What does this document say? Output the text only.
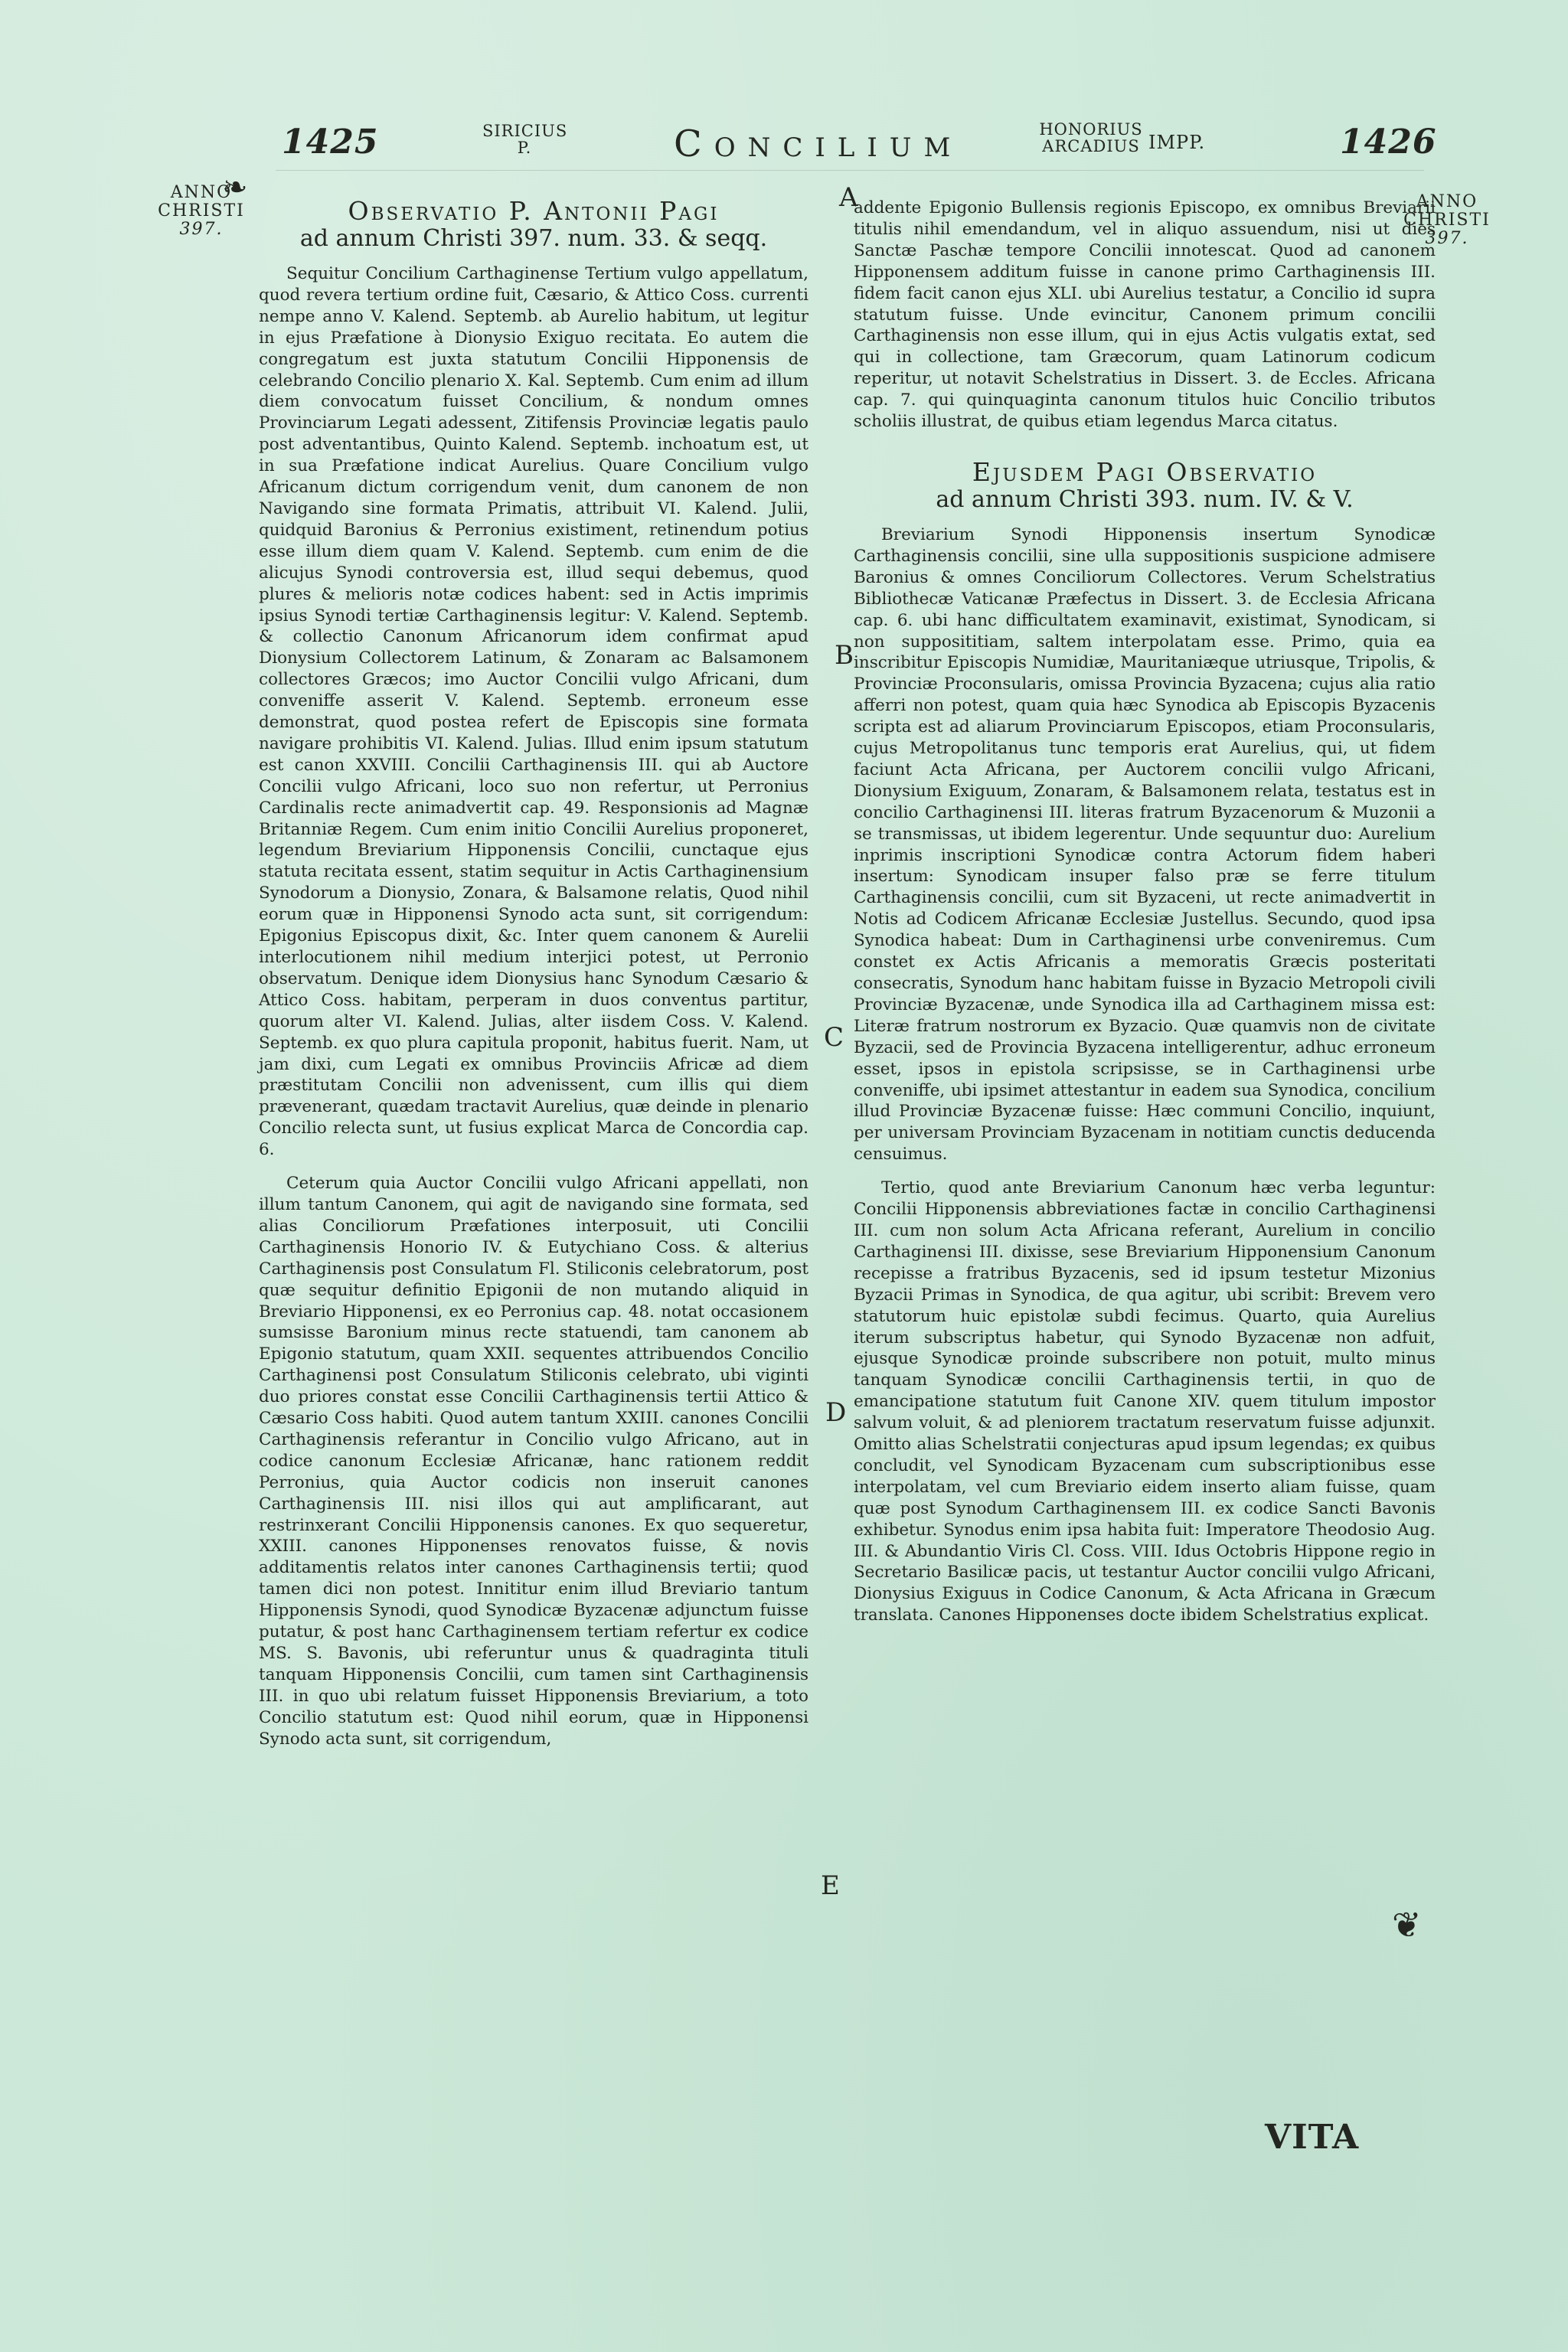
1425	SIRICIUS
P.	Concilium	HONORIUS
ARCADIUS IMPP.	1426
ANNO
CHRISTI
397.
ANNO
CHRISTI
397.
A
B
C
D
E
❧

Observatio P. Antonii Pagi

ad annum Christi 397. num. 33. & seqq.

Sequitur Concilium Carthaginense Tertium vulgo appellatum, quod revera tertium ordine fuit, Cæsario, & Attico Coss. currenti nempe anno V. Kalend. Septemb. ab Aurelio habitum, ut legitur in ejus Præfatione à Dionysio Exiguo recitata. Eo autem die congregatum est juxta statutum Concilii Hipponensis de celebrando Concilio plenario X. Kal. Septemb. Cum enim ad illum diem convocatum fuisset Concilium, & nondum omnes Provinciarum Legati adessent, Zitifensis Provinciæ legatis paulo post adventantibus, Quinto Kalend. Septemb. inchoatum est, ut in sua Præfatione indicat Aurelius. Quare Concilium vulgo Africanum dictum corrigendum venit, dum canonem de non Navigando sine formata Primatis, attribuit VI. Kalend. Julii, quidquid Baronius & Perronius existiment, retinendum potius esse illum diem quam V. Kalend. Septemb. cum enim de die alicujus Synodi controversia est, illud sequi debemus, quod plures & melioris notæ codices habent: sed in Actis imprimis ipsius Synodi tertiæ Carthaginensis legitur: V. Kalend. Septemb. & collectio Canonum Africanorum idem confirmat apud Dionysium Collectorem Latinum, & Zonaram ac Balsamonem collectores Græcos; imo Auctor Concilii vulgo Africani, dum conveniffe asserit V. Kalend. Septemb. erroneum esse demonstrat, quod postea refert de Episcopis sine formata navigare prohibitis VI. Kalend. Julias. Illud enim ipsum statutum est canon XXVIII. Concilii Carthaginensis III. qui ab Auctore Concilii vulgo Africani, loco suo non refertur, ut Perronius Cardinalis recte animadvertit cap. 49. Responsionis ad Magnæ Britanniæ Regem. Cum enim initio Concilii Aurelius proponeret, legendum Breviarium Hipponensis Concilii, cunctaque ejus statuta recitata essent, statim sequitur in Actis Carthaginensium Synodorum a Dionysio, Zonara, & Balsamone relatis, Quod nihil eorum quæ in Hipponensi Synodo acta sunt, sit corrigendum: Epigonius Episcopus dixit, &c. Inter quem canonem & Aurelii interlocutionem nihil medium interjici potest, ut Perronio observatum. Denique idem Dionysius hanc Synodum Cæsario & Attico Coss. habitam, perperam in duos conventus partitur, quorum alter VI. Kalend. Julias, alter iisdem Coss. V. Kalend. Septemb. ex quo plura capitula proponit, habitus fuerit. Nam, ut jam dixi, cum Legati ex omnibus Provinciis Africæ ad diem præstitutam Concilii non advenissent, cum illis qui diem prævenerant, quædam tractavit Aurelius, quæ deinde in plenario Concilio relecta sunt, ut fusius explicat Marca de Concordia cap. 6.

Ceterum quia Auctor Concilii vulgo Africani appellati, non illum tantum Canonem, qui agit de navigando sine formata, sed alias Conciliorum Præfationes interposuit, uti Concilii Carthaginensis Honorio IV. & Eutychiano Coss. & alterius Carthaginensis post Consulatum Fl. Stiliconis celebratorum, post quæ sequitur definitio Epigonii de non mutando aliquid in Breviario Hipponensi, ex eo Perronius cap. 48. notat occasionem sumsisse Baronium minus recte statuendi, tam canonem ab Epigonio statutum, quam XXII. sequentes attribuendos Concilio Carthaginensi post Consulatum Stiliconis celebrato, ubi viginti duo priores constat esse Concilii Carthaginensis tertii Attico & Cæsario Coss habiti. Quod autem tantum XXIII. canones Concilii Carthaginensis referantur in Concilio vulgo Africano, aut in codice canonum Ecclesiæ Africanæ, hanc rationem reddit Perronius, quia Auctor codicis non inseruit canones Carthaginensis III. nisi illos qui aut amplificarant, aut restrinxerant Concilii Hipponensis canones. Ex quo sequeretur, XXIII. canones Hipponenses renovatos fuisse, & novis additamentis relatos inter canones Carthaginensis tertii; quod tamen dici non potest. Innititur enim illud Breviario tantum Hipponensis Synodi, quod Synodicæ Byzacenæ adjunctum fuisse putatur, & post hanc Carthaginensem tertiam refertur ex codice MS. S. Bavonis, ubi referuntur unus & quadraginta tituli tanquam Hipponensis Concilii, cum tamen sint Carthaginensis III. in quo ubi relatum fuisset Hipponensis Breviarium, a toto Concilio statutum est: Quod nihil eorum, quæ in Hipponensi Synodo acta sunt, sit corrigendum,

addente Epigonio Bullensis regionis Episcopo, ex omnibus Breviarii titulis nihil emendandum, vel in aliquo assuendum, nisi ut dies Sanctæ Paschæ tempore Concilii innotescat. Quod ad canonem Hipponensem additum fuisse in canone primo Carthaginensis III. fidem facit canon ejus XLI. ubi Aurelius testatur, a Concilio id supra statutum fuisse. Unde evincitur, Canonem primum concilii Carthaginensis non esse illum, qui in ejus Actis vulgatis extat, sed qui in collectione, tam Græcorum, quam Latinorum codicum reperitur, ut notavit Schelstratius in Dissert. 3. de Eccles. Africana cap. 7. qui quinquaginta canonum titulos huic Concilio tributos scholiis illustrat, de quibus etiam legendus Marca citatus.

Ejusdem Pagi Observatio

ad annum Christi 393. num. IV. & V.

Breviarium Synodi Hipponensis insertum Synodicæ Carthaginensis concilii, sine ulla suppositionis suspicione admisere Baronius & omnes Conciliorum Collectores. Verum Schelstratius Bibliothecæ Vaticanæ Præfectus in Dissert. 3. de Ecclesia Africana cap. 6. ubi hanc difficultatem examinavit, existimat, Synodicam, si non supposititiam, saltem interpolatam esse. Primo, quia ea inscribitur Episcopis Numidiæ, Mauritaniæque utriusque, Tripolis, & Provinciæ Proconsularis, omissa Provincia Byzacena; cujus alia ratio afferri non potest, quam quia hæc Synodica ab Episcopis Byzacenis scripta est ad aliarum Provinciarum Episcopos, etiam Proconsularis, cujus Metropolitanus tunc temporis erat Aurelius, qui, ut fidem faciunt Acta Africana, per Auctorem concilii vulgo Africani, Dionysium Exiguum, Zonaram, & Balsamonem relata, testatus est in concilio Carthaginensi III. literas fratrum Byzacenorum & Muzonii a se transmissas, ut ibidem legerentur. Unde sequuntur duo: Aurelium inprimis inscriptioni Synodicæ contra Actorum fidem haberi insertum: Synodicam insuper falso præ se ferre titulum Carthaginensis concilii, cum sit Byzaceni, ut recte animadvertit in Notis ad Codicem Africanæ Ecclesiæ Justellus. Secundo, quod ipsa Synodica habeat: Dum in Carthaginensi urbe conveniremus. Cum constet ex Actis Africanis a memoratis Græcis posteritati consecratis, Synodum hanc habitam fuisse in Byzacio Metropoli civili Provinciæ Byzacenæ, unde Synodica illa ad Carthaginem missa est: Literæ fratrum nostrorum ex Byzacio. Quæ quamvis non de civitate Byzacii, sed de Provincia Byzacena intelligerentur, adhuc erroneum esset, ipsos in epistola scripsisse, se in Carthaginensi urbe conveniffe, ubi ipsimet attestantur in eadem sua Synodica, concilium illud Provinciæ Byzacenæ fuisse: Hæc communi Concilio, inquiunt, per universam Provinciam Byzacenam in notitiam cunctis deducenda censuimus.

Tertio, quod ante Breviarium Canonum hæc verba leguntur: Concilii Hipponensis abbreviationes factæ in concilio Carthaginensi III. cum non solum Acta Africana referant, Aurelium in concilio Carthaginensi III. dixisse, sese Breviarium Hipponensium Canonum recepisse a fratribus Byzacenis, sed id ipsum testetur Mizonius Byzacii Primas in Synodica, de qua agitur, ubi scribit: Brevem vero statutorum huic epistolæ subdi fecimus. Quarto, quia Aurelius iterum subscriptus habetur, qui Synodo Byzacenæ non adfuit, ejusque Synodicæ proinde subscribere non potuit, multo minus tanquam Synodicæ concilii Carthaginensis tertii, in quo de emancipatione statutum fuit Canone XIV. quem titulum impostor salvum voluit, & ad pleniorem tractatum reservatum fuisse adjunxit. Omitto alias Schelstratii conjecturas apud ipsum legendas; ex quibus concludit, vel Synodicam Byzacenam cum subscriptionibus esse interpolatam, vel cum Breviario eidem inserto aliam fuisse, quam quæ post Synodum Carthaginensem III. ex codice Sancti Bavonis exhibetur. Synodus enim ipsa habita fuit: Imperatore Theodosio Aug. III. & Abundantio Viris Cl. Coss. VIII. Idus Octobris Hippone regio in Secretario Basilicæ pacis, ut testantur Auctor concilii vulgo Africani, Dionysius Exiguus in Codice Canonum, & Acta Africana in Græcum translata. Canones Hipponenses docte ibidem Schelstratius explicat.

❦
VITA
